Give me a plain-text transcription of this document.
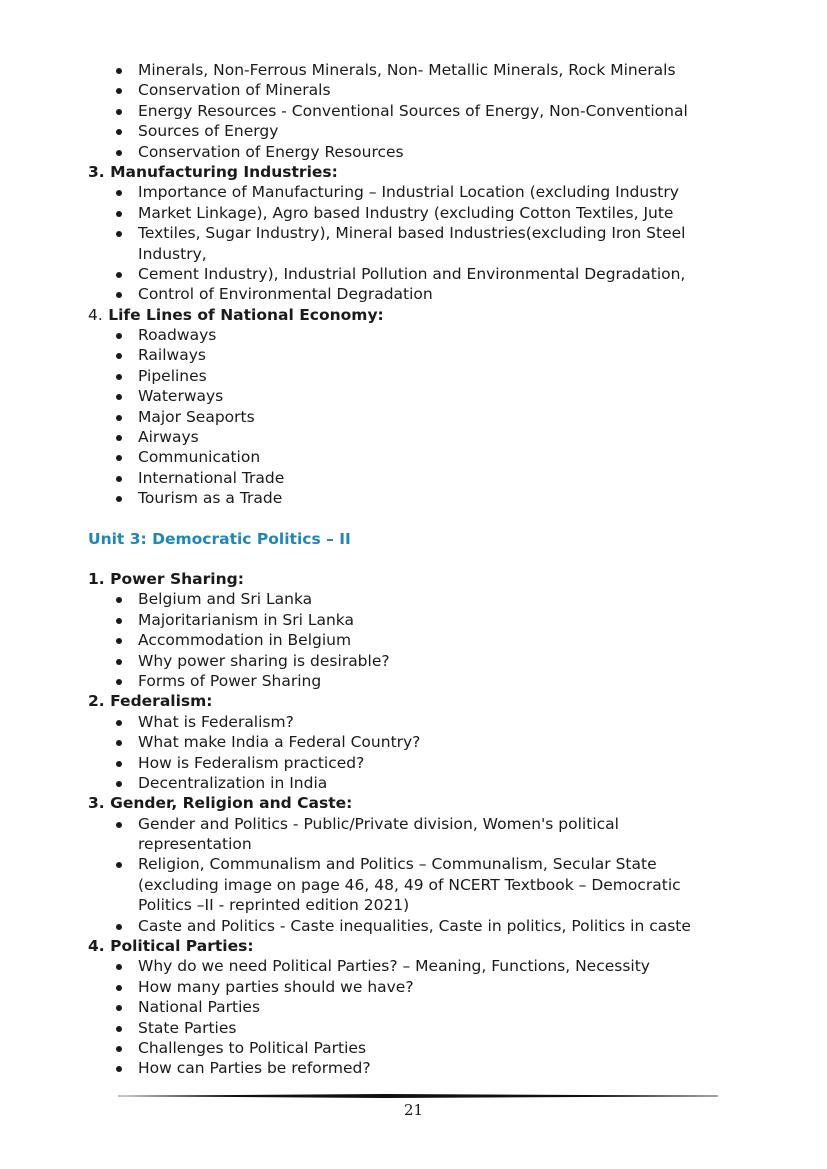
Minerals, Non-Ferrous Minerals, Non- Metallic Minerals, Rock Minerals
Conservation of Minerals
Energy Resources - Conventional Sources of Energy, Non-Conventional
Sources of Energy
Conservation of Energy Resources
3. Manufacturing Industries:
Importance of Manufacturing – Industrial Location (excluding Industry
Market Linkage), Agro based Industry (excluding Cotton Textiles, Jute
Textiles, Sugar Industry), Mineral based Industries(excluding Iron Steel
Industry,
Cement Industry), Industrial Pollution and Environmental Degradation,
Control of Environmental Degradation
4. Life Lines of National Economy:
Roadways
Railways
Pipelines
Waterways
Major Seaports
Airways
Communication
International Trade
Tourism as a Trade
Unit 3: Democratic Politics – II
1. Power Sharing:
Belgium and Sri Lanka
Majoritarianism in Sri Lanka
Accommodation in Belgium
Why power sharing is desirable?
Forms of Power Sharing
2. Federalism:
What is Federalism?
What make India a Federal Country?
How is Federalism practiced?
Decentralization in India
3. Gender, Religion and Caste:
Gender and Politics - Public/Private division, Women's political
representation
Religion, Communalism and Politics – Communalism, Secular State
(excluding image on page 46, 48, 49 of NCERT Textbook – Democratic
Politics –II - reprinted edition 2021)
Caste and Politics - Caste inequalities, Caste in politics, Politics in caste
4. Political Parties:
Why do we need Political Parties? – Meaning, Functions, Necessity
How many parties should we have?
National Parties
State Parties
Challenges to Political Parties
How can Parties be reformed?
21
